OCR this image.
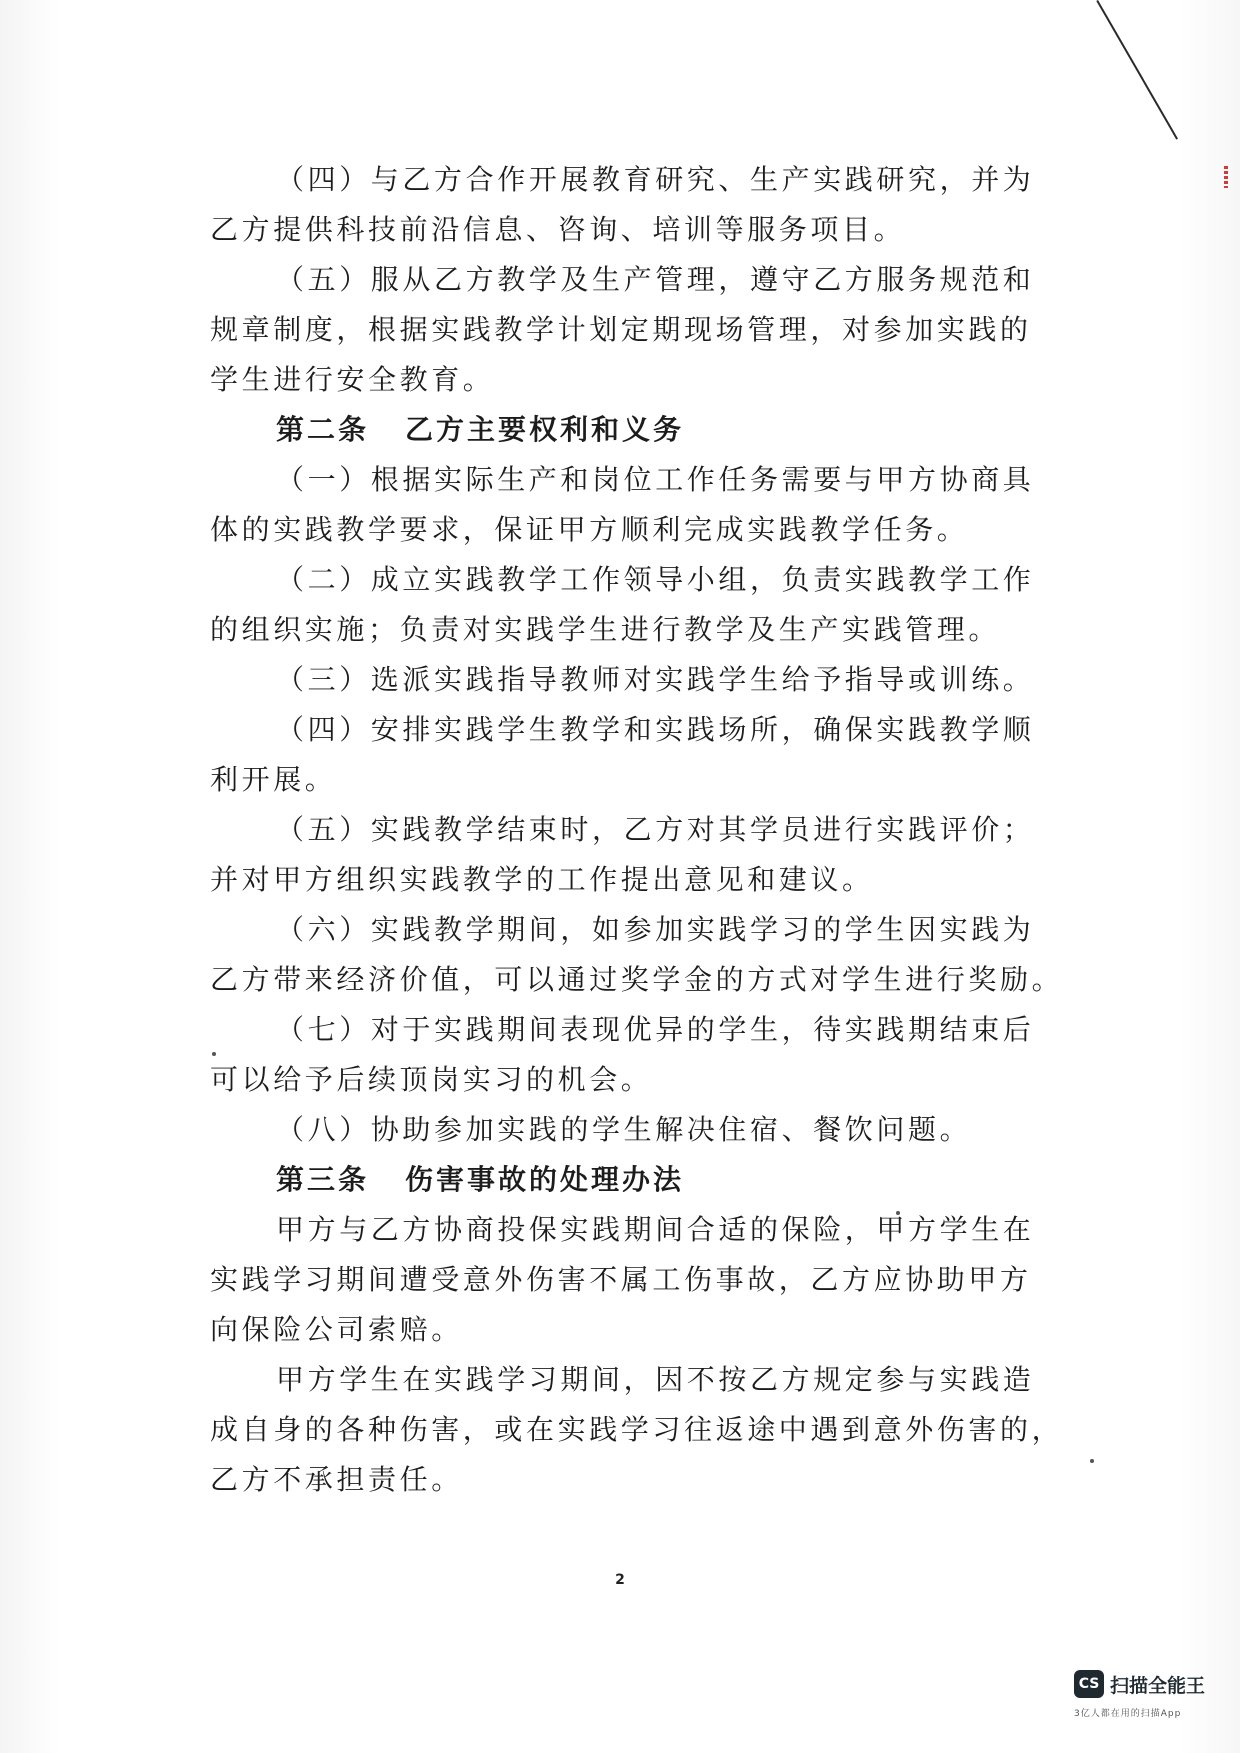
（四）与乙方合作开展教育研究、生产实践研究，并为
乙方提供科技前沿信息、咨询、培训等服务项目。
（五）服从乙方教学及生产管理，遵守乙方服务规范和
规章制度，根据实践教学计划定期现场管理，对参加实践的
学生进行安全教育。
第二条 乙方主要权利和义务
（一）根据实际生产和岗位工作任务需要与甲方协商具
体的实践教学要求，保证甲方顺利完成实践教学任务。
（二）成立实践教学工作领导小组，负责实践教学工作
的组织实施；负责对实践学生进行教学及生产实践管理。
（三）选派实践指导教师对实践学生给予指导或训练。
（四）安排实践学生教学和实践场所，确保实践教学顺
利开展。
（五）实践教学结束时，乙方对其学员进行实践评价；
并对甲方组织实践教学的工作提出意见和建议。
（六）实践教学期间，如参加实践学习的学生因实践为
乙方带来经济价值，可以通过奖学金的方式对学生进行奖励。
（七）对于实践期间表现优异的学生，待实践期结束后
可以给予后续顶岗实习的机会。
（八）协助参加实践的学生解决住宿、餐饮问题。
第三条 伤害事故的处理办法
甲方与乙方协商投保实践期间合适的保险，甲方学生在
实践学习期间遭受意外伤害不属工伤事故，乙方应协助甲方
向保险公司索赔。
甲方学生在实践学习期间，因不按乙方规定参与实践造
成自身的各种伤害，或在实践学习往返途中遇到意外伤害的，
乙方不承担责任。
2
CS 扫描全能王
3亿人都在用的扫描App
